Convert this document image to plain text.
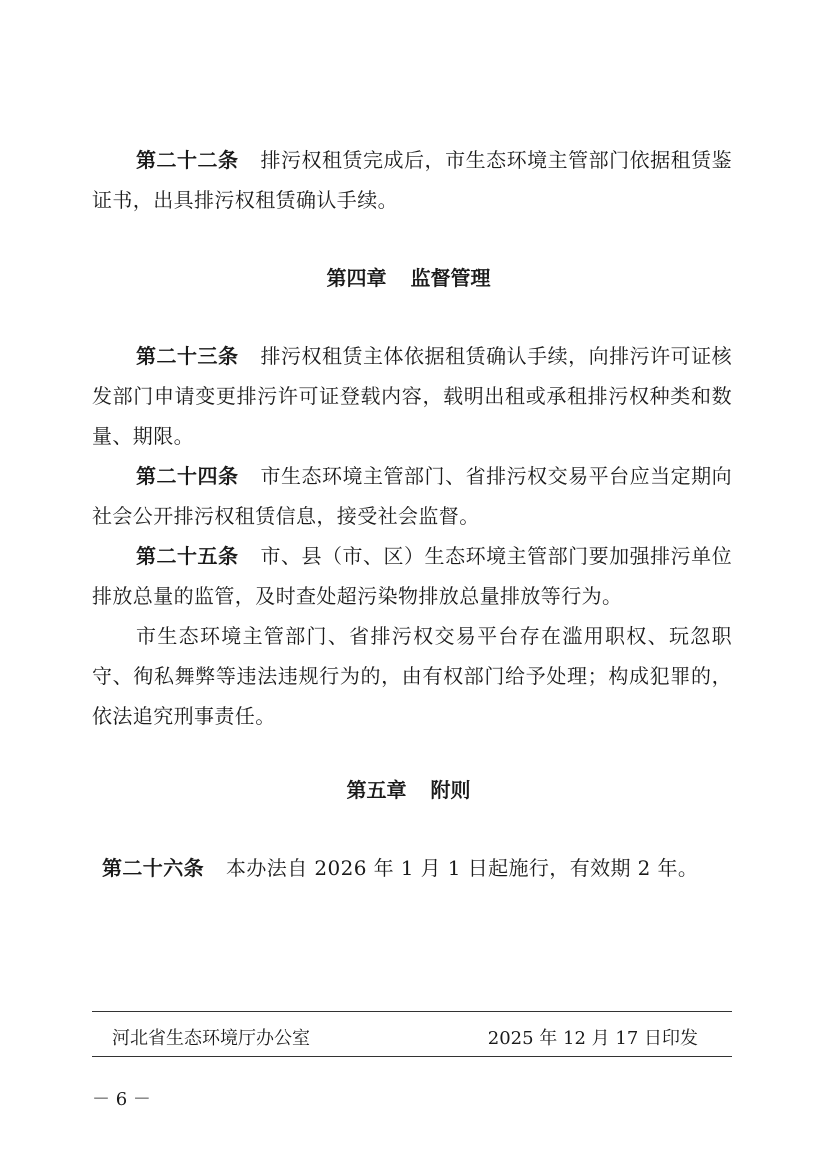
第二十二条 排污权租赁完成后，市生态环境主管部门依据租赁鉴证书，出具排污权租赁确认手续。

第四章 监督管理

第二十三条 排污权租赁主体依据租赁确认手续，向排污许可证核发部门申请变更排污许可证登载内容，载明出租或承租排污权种类和数量、期限。

第二十四条 市生态环境主管部门、省排污权交易平台应当定期向社会公开排污权租赁信息，接受社会监督。

第二十五条 市、县（市、区）生态环境主管部门要加强排污单位排放总量的监管，及时查处超污染物排放总量排放等行为。

市生态环境主管部门、省排污权交易平台存在滥用职权、玩忽职守、徇私舞弊等违法违规行为的，由有权部门给予处理；构成犯罪的，依法追究刑事责任。

第五章 附则

第二十六条 本办法自 2026 年 1 月 1 日起施行，有效期 2 年。

河北省生态环境厅办公室	2025 年 12 月 17 日印发
－ 6 －
